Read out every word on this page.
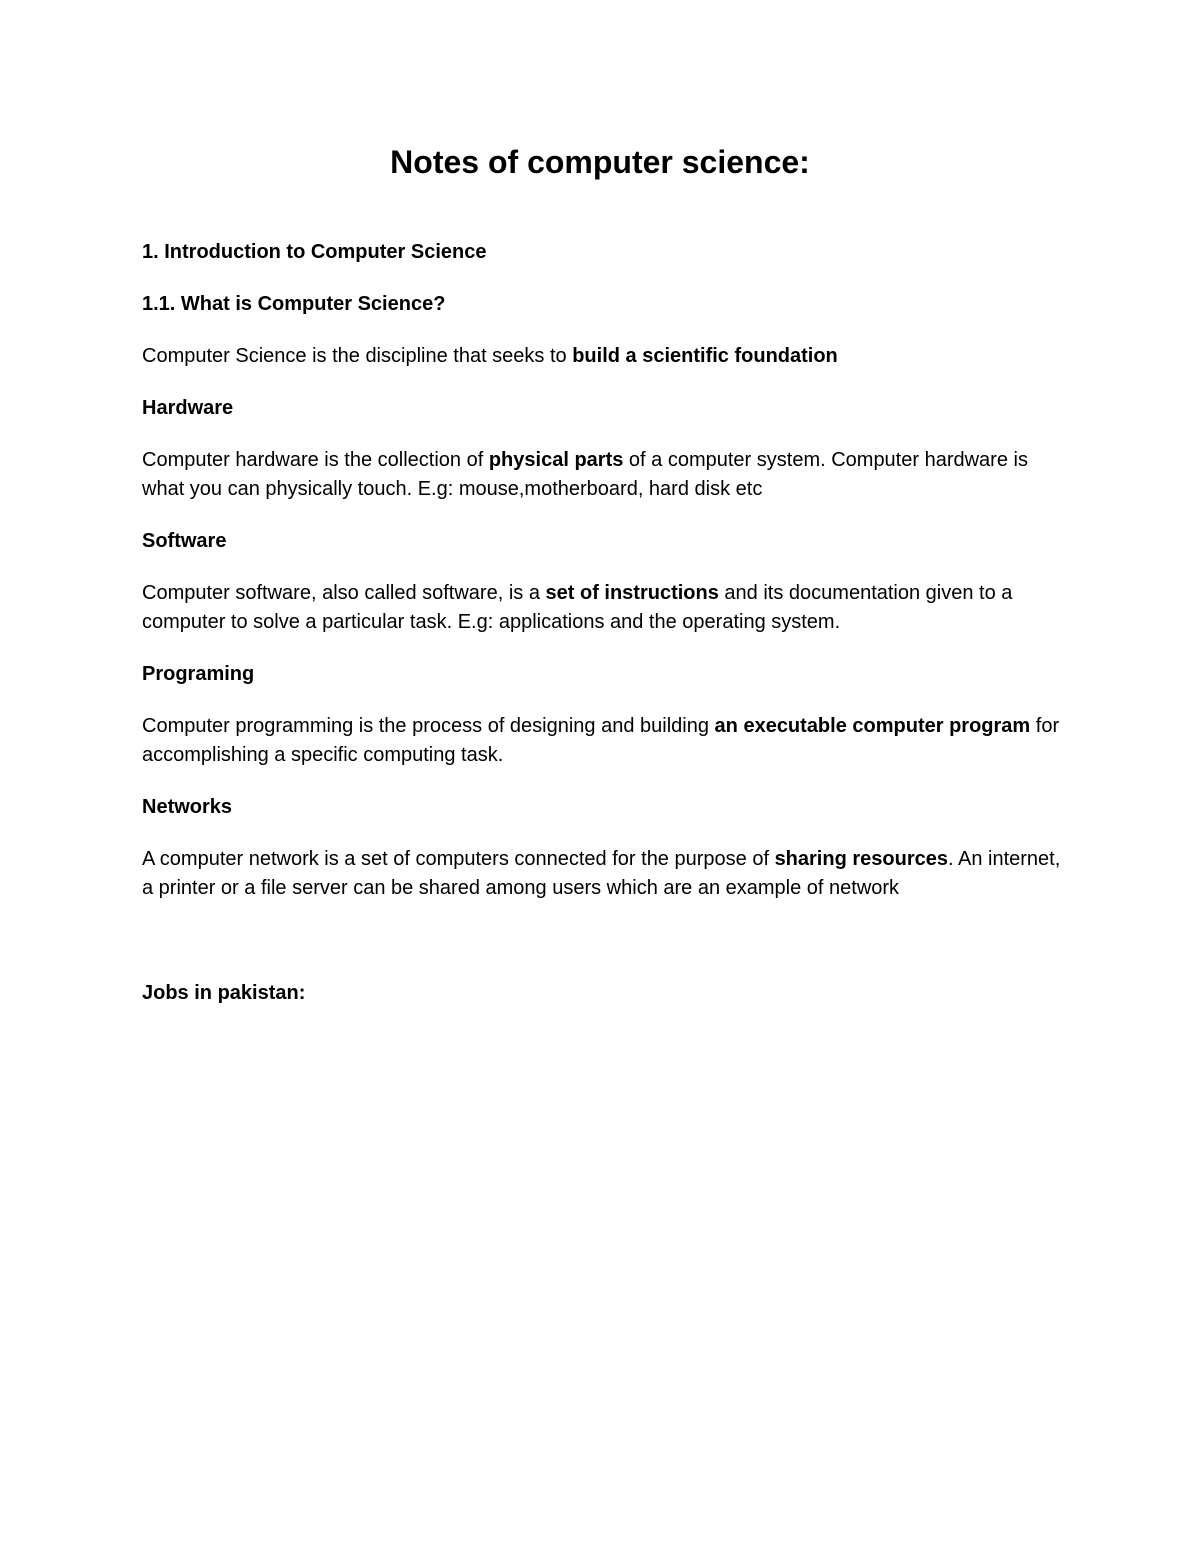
Notes of computer science:

1. Introduction to Computer Science

1.1. What is Computer Science?

Computer Science is the discipline that seeks to build a scientific foundation

Hardware

Computer hardware is the collection of physical parts of a computer system. Computer hardware is what you can physically touch. E.g: mouse,motherboard, hard disk etc

Software

Computer software, also called software, is a set of instructions and its documentation given to a computer to solve a particular task. E.g: applications and the operating system.

Programing

Computer programming is the process of designing and building an executable computer program for accomplishing a specific computing task.

Networks

A computer network is a set of computers connected for the purpose of sharing resources. An internet, a printer or a file server can be shared among users which are an example of network

Jobs in pakistan:
